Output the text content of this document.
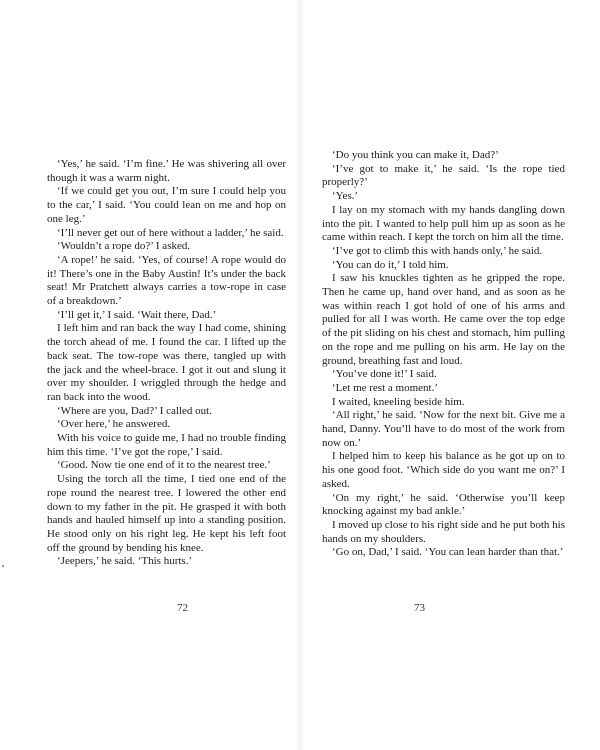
‘Yes,’ he said. ‘I’m fine.’ He was shivering all over though it was a warm night.

‘If we could get you out, I’m sure I could help you to the car,’ I said. ‘You could lean on me and hop on one leg.’

‘I’ll never get out of here without a ladder,’ he said.

‘Wouldn’t a rope do?’ I asked.

‘A rope!’ he said. ‘Yes, of course! A rope would do it! There’s one in the Baby Austin! It’s under the back seat! Mr Pratchett always carries a tow-rope in case of a breakdown.’

‘I’ll get it,’ I said. ‘Wait there, Dad.’

I left him and ran back the way I had come, shining the torch ahead of me. I found the car. I lifted up the back seat. The tow-rope was there, tangled up with the jack and the wheel-brace. I got it out and slung it over my shoulder. I wriggled through the hedge and ran back into the wood.

‘Where are you, Dad?’ I called out.

‘Over here,’ he answered.

With his voice to guide me, I had no trouble finding him this time. ‘I’ve got the rope,’ I said.

‘Good. Now tie one end of it to the nearest tree.’

Using the torch all the time, I tied one end of the rope round the nearest tree. I lowered the other end down to my father in the pit. He grasped it with both hands and hauled himself up into a standing position. He stood only on his right leg. He kept his left foot off the ground by bending his knee.

‘Jeepers,’ he said. ‘This hurts.’

72

‘Do you think you can make it, Dad?’

‘I’ve got to make it,’ he said. ‘Is the rope tied properly?’

‘Yes.’

I lay on my stomach with my hands dangling down into the pit. I wanted to help pull him up as soon as he came within reach. I kept the torch on him all the time.

‘I’ve got to climb this with hands only,’ he said.

‘You can do it,’ I told him.

I saw his knuckles tighten as he gripped the rope. Then he came up, hand over hand, and as soon as he was within reach I got hold of one of his arms and pulled for all I was worth. He came over the top edge of the pit sliding on his chest and stomach, him pulling on the rope and me pulling on his arm. He lay on the ground, breathing fast and loud.

‘You’ve done it!’ I said.

‘Let me rest a moment.’

I waited, kneeling beside him.

‘All right,’ he said. ‘Now for the next bit. Give me a hand, Danny. You’ll have to do most of the work from now on.’

I helped him to keep his balance as he got up on to his one good foot. ‘Which side do you want me on?’ I asked.

‘On my right,’ he said. ‘Otherwise you’ll keep knocking against my bad ankle.’

I moved up close to his right side and he put both his hands on my shoulders.

‘Go on, Dad,’ I said. ‘You can lean harder than that.’

73
